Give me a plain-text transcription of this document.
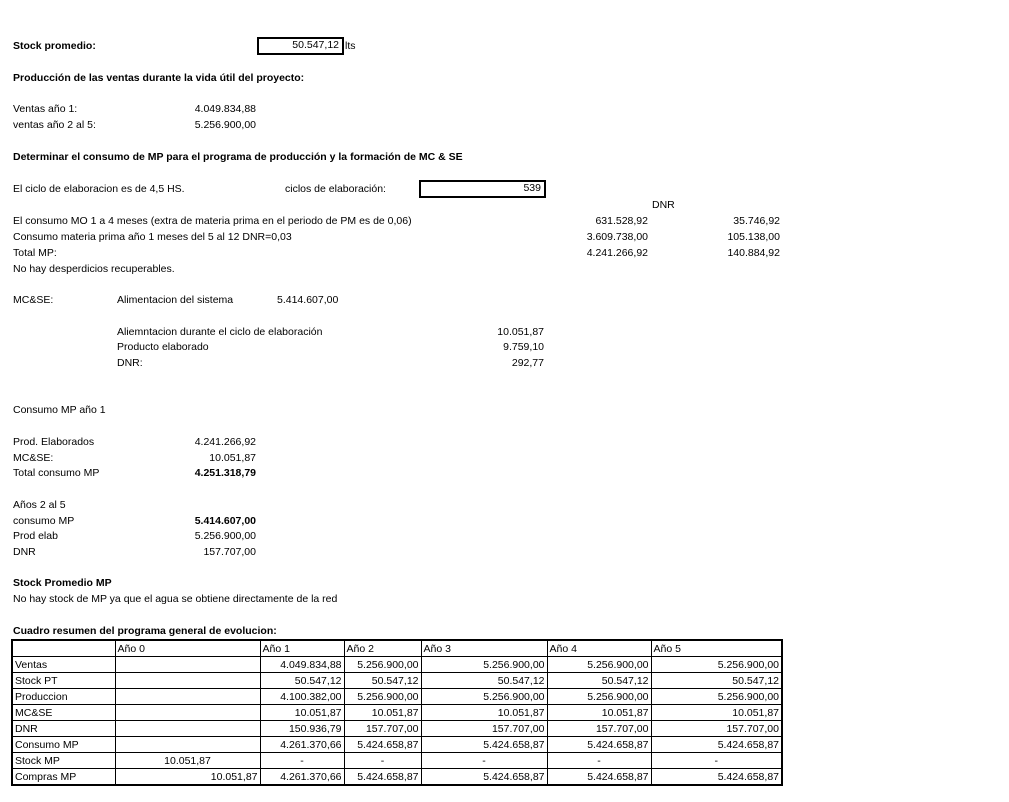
Stock promedio:	50.547,12 lts
Producción de las ventas durante la vida útil del proyecto:
Ventas año 1:	4.049.834,88
ventas año 2 al 5:	5.256.900,00
Determinar el consumo de MP para el programa de producción y la formación de MC & SE
El ciclo de elaboracion es de 4,5 HS.	ciclos de elaboración:	539
DNR
El consumo MO 1 a 4 meses (extra de materia prima en el periodo de PM es de 0,06)	631.528,92	35.746,92
Consumo materia prima año 1 meses del 5 al 12 DNR=0,03	3.609.738,00	105.138,00
Total MP:	4.241.266,92	140.884,92
No hay desperdicios recuperables.
MC&SE:	Alimentacion del sistema	5.414.607,00
Aliemntacion durante el ciclo de elaboración	10.051,87
Producto elaborado	9.759,10
DNR:	292,77
Consumo MP año 1
Prod. Elaborados	4.241.266,92
MC&SE:	10.051,87
Total consumo MP	4.251.318,79
Años 2 al 5
consumo MP	5.414.607,00
Prod elab	5.256.900,00
DNR	157.707,00
Stock Promedio MP
No hay stock de MP ya que el agua se obtiene directamente de la red
Cuadro resumen del programa general de evolucion:
	Año 0	Año 1	Año 2	Año 3	Año 4	Año 5
Ventas		4.049.834,88	5.256.900,00	5.256.900,00	5.256.900,00	5.256.900,00
Stock PT		50.547,12	50.547,12	50.547,12	50.547,12	50.547,12
Produccion		4.100.382,00	5.256.900,00	5.256.900,00	5.256.900,00	5.256.900,00
MC&SE		10.051,87	10.051,87	10.051,87	10.051,87	10.051,87
DNR		150.936,79	157.707,00	157.707,00	157.707,00	157.707,00
Consumo MP		4.261.370,66	5.424.658,87	5.424.658,87	5.424.658,87	5.424.658,87
Stock MP	10.051,87	-	-	-	-	-
Compras MP	10.051,87	4.261.370,66	5.424.658,87	5.424.658,87	5.424.658,87	5.424.658,87
